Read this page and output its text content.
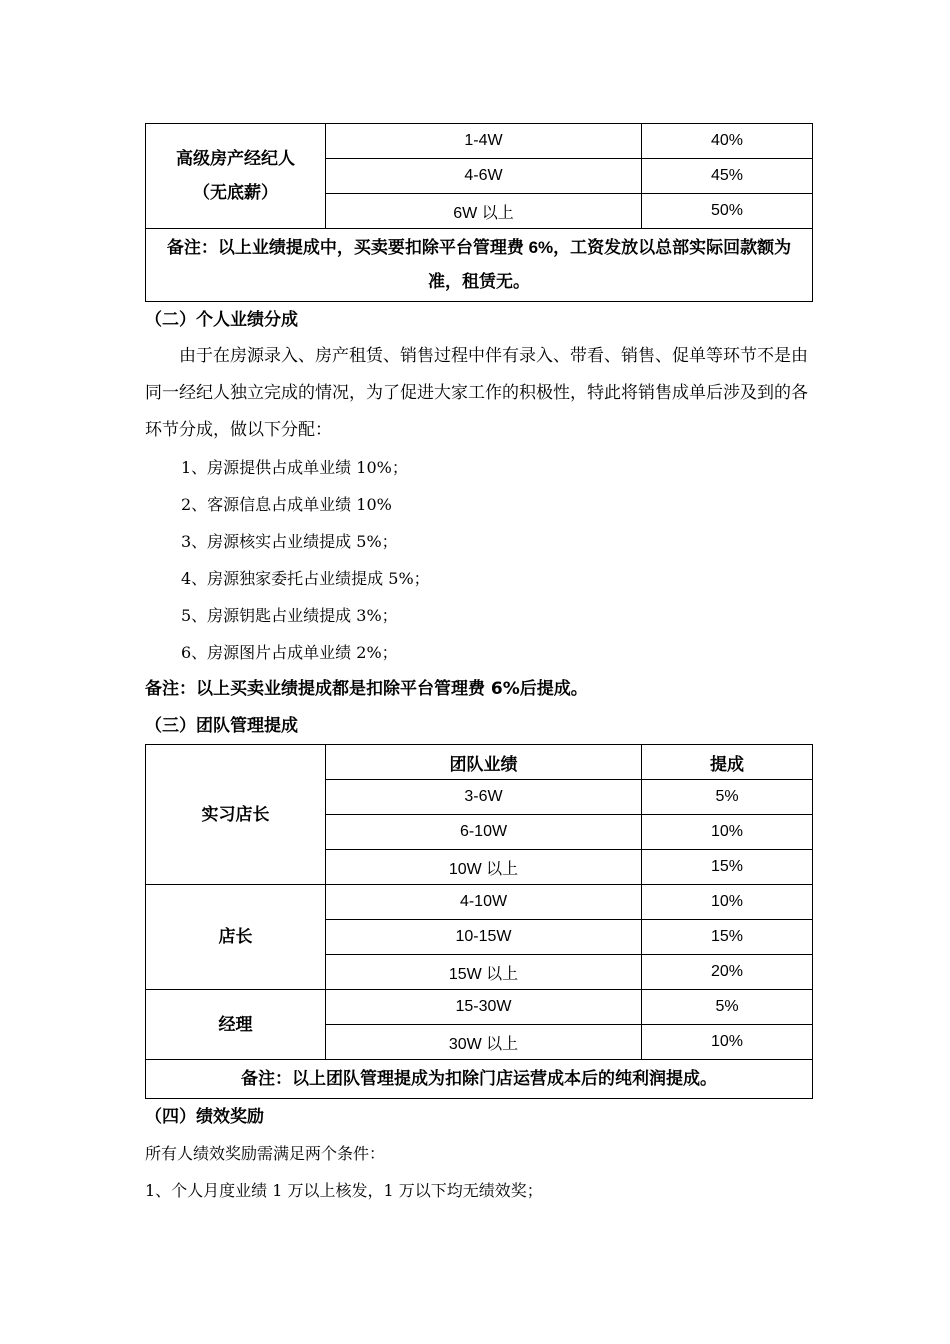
高级房产经纪人
（无底薪）	1-4W	40%
	4-6W	45%
	6W 以上	50%
备注：以上业绩提成中，买卖要扣除平台管理费 6%，工资发放以总部实际回款额为准，租赁无。		
（二）个人业绩分成
由于在房源录入、房产租赁、销售过程中伴有录入、带看、销售、促单等环节不是由同一经纪人独立完成的情况，为了促进大家工作的积极性，特此将销售成单后涉及到的各环节分成，做以下分配：
1、房源提供占成单业绩 10%；
2、客源信息占成单业绩 10%
3、房源核实占业绩提成 5%；
4、房源独家委托占业绩提成 5%；
5、房源钥匙占业绩提成 3%；
6、房源图片占成单业绩 2%；
备注：以上买卖业绩提成都是扣除平台管理费 6%后提成。
（三）团队管理提成
实习店长	团队业绩	提成
	3-6W	5%
	6-10W	10%
	10W 以上	15%
店长	4-10W	10%
	10-15W	15%
	15W 以上	20%
经理	15-30W	5%
	30W 以上	10%
备注：以上团队管理提成为扣除门店运营成本后的纯利润提成。		
（四）绩效奖励
所有人绩效奖励需满足两个条件：
1、个人月度业绩 1 万以上核发，1 万以下均无绩效奖；
